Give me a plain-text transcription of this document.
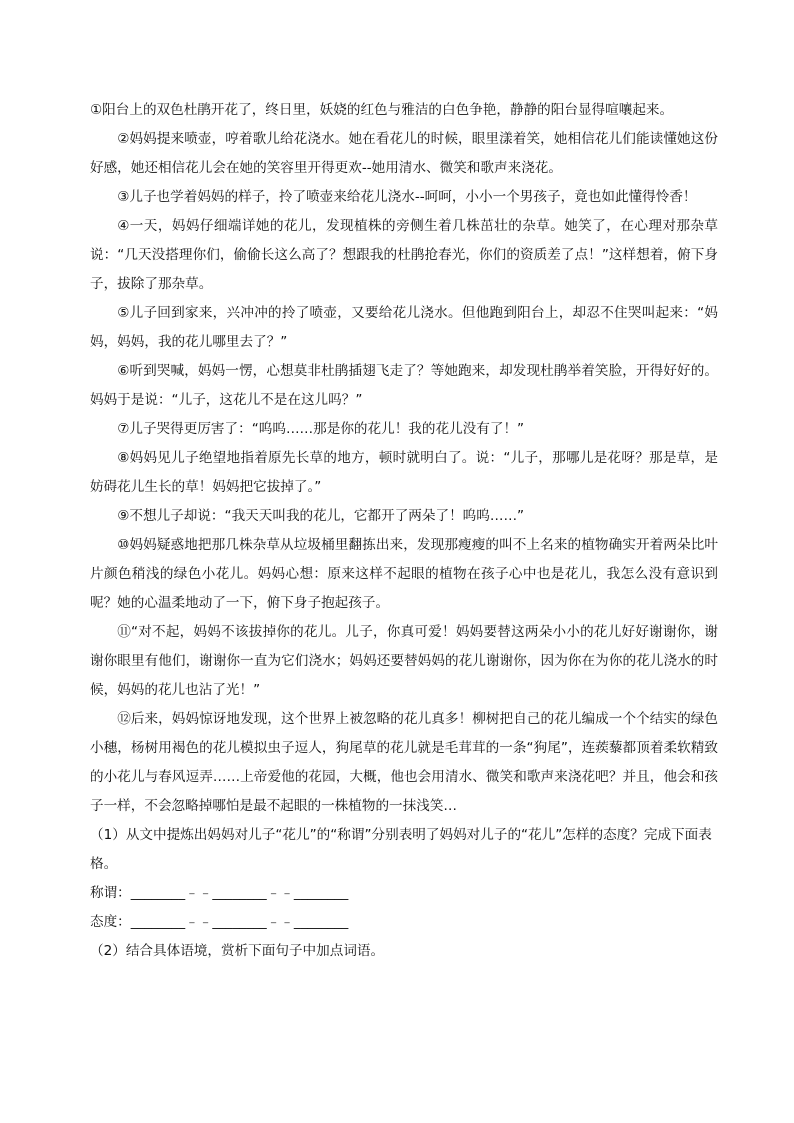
①阳台上的双色杜鹃开花了，终日里，妖娆的红色与雅洁的白色争艳，静静的阳台显得喧嚷起来。

②妈妈提来喷壶，哼着歌儿给花浇水。她在看花儿的时候，眼里漾着笑，她相信花儿们能读懂她这份好感，她还相信花儿会在她的笑容里开得更欢--她用清水、微笑和歌声来浇花。

③儿子也学着妈妈的样子，拎了喷壶来给花儿浇水--呵呵，小小一个男孩子，竟也如此懂得怜香！

④一天，妈妈仔细端详她的花儿，发现植株的旁侧生着几株茁壮的杂草。她笑了，在心理对那杂草说：“几天没搭理你们，偷偷长这么高了？想跟我的杜鹃抢春光，你们的资质差了点！”这样想着，俯下身子，拔除了那杂草。

⑤儿子回到家来，兴冲冲的拎了喷壶，又要给花儿浇水。但他跑到阳台上，却忍不住哭叫起来：“妈妈，妈妈，我的花儿哪里去了？”

⑥听到哭喊，妈妈一愣，心想莫非杜鹃插翅飞走了？等她跑来，却发现杜鹃举着笑脸，开得好好的。妈妈于是说：“儿子，这花儿不是在这儿吗？”

⑦儿子哭得更厉害了：“呜呜……那是你的花儿！我的花儿没有了！”

⑧妈妈见儿子绝望地指着原先长草的地方，顿时就明白了。说：“儿子，那哪儿是花呀？那是草，是妨碍花儿生长的草！妈妈把它拔掉了。”

⑨不想儿子却说：“我天天叫我的花儿，它都开了两朵了！呜呜……”

⑩妈妈疑惑地把那几株杂草从垃圾桶里翻拣出来，发现那瘦瘦的叫不上名来的植物确实开着两朵比叶片颜色稍浅的绿色小花儿。妈妈心想：原来这样不起眼的植物在孩子心中也是花儿，我怎么没有意识到呢？她的心温柔地动了一下，俯下身子抱起孩子。

⑪“对不起，妈妈不该拔掉你的花儿。儿子，你真可爱！妈妈要替这两朵小小的花儿好好谢谢你，谢谢你眼里有他们，谢谢你一直为它们浇水；妈妈还要替妈妈的花儿谢谢你，因为你在为你的花儿浇水的时候，妈妈的花儿也沾了光！”

⑫后来，妈妈惊讶地发现，这个世界上被忽略的花儿真多！柳树把自己的花儿编成一个个结实的绿色小穗，杨树用褐色的花儿模拟虫子逗人，狗尾草的花儿就是毛茸茸的一条“狗尾”，连蒺藜都顶着柔软精致的小花儿与春风逗弄……上帝爱他的花园，大概，他也会用清水、微笑和歌声来浇花吧？并且，他会和孩子一样，不会忽略掉哪怕是最不起眼的一株植物的一抹浅笑…

（1）从文中提炼出妈妈对儿子“花儿”的“称谓”分别表明了妈妈对儿子的“花儿”怎样的态度？完成下面表格。

称谓：________﹣﹣________﹣﹣________

态度：________﹣﹣________﹣﹣________

（2）结合具体语境，赏析下面句子中加点词语。
